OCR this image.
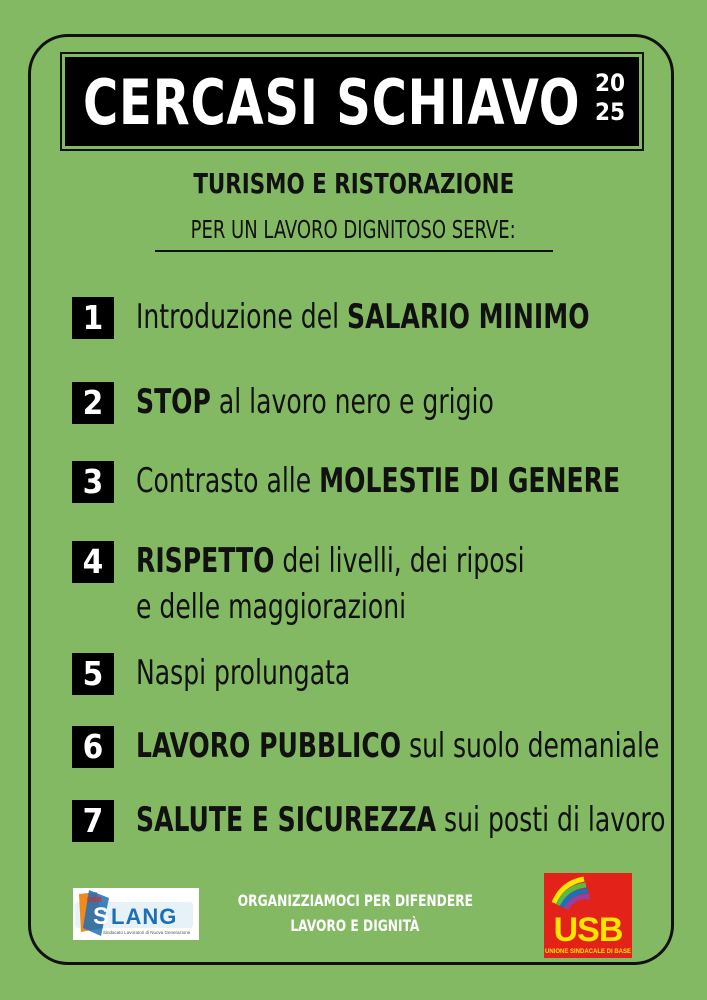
CERCASI SCHIAVO 20
25
TURISMO E RISTORAZIONE
PER UN LAVORO DIGNITOSO SERVE:
1 Introduzione del SALARIO MINIMO
2 STOP al lavoro nero e grigio
3 Contrasto alle MOLESTIE DI GENERE
4 RISPETTO dei livelli, dei riposi
e delle maggiorazioni
5 Naspi prolungata
6 LAVORO PUBBLICO sul suolo demaniale
7 SALUTE E SICUREZZA sui posti di lavoro
USB
S LANG
Sindacato Lavoratori di Nuova Generazione
ORGANIZZIAMOCI PER DIFENDERE
LAVORO E DIGNITÀ	USB
UNIONE SINDACALE DI BASE
